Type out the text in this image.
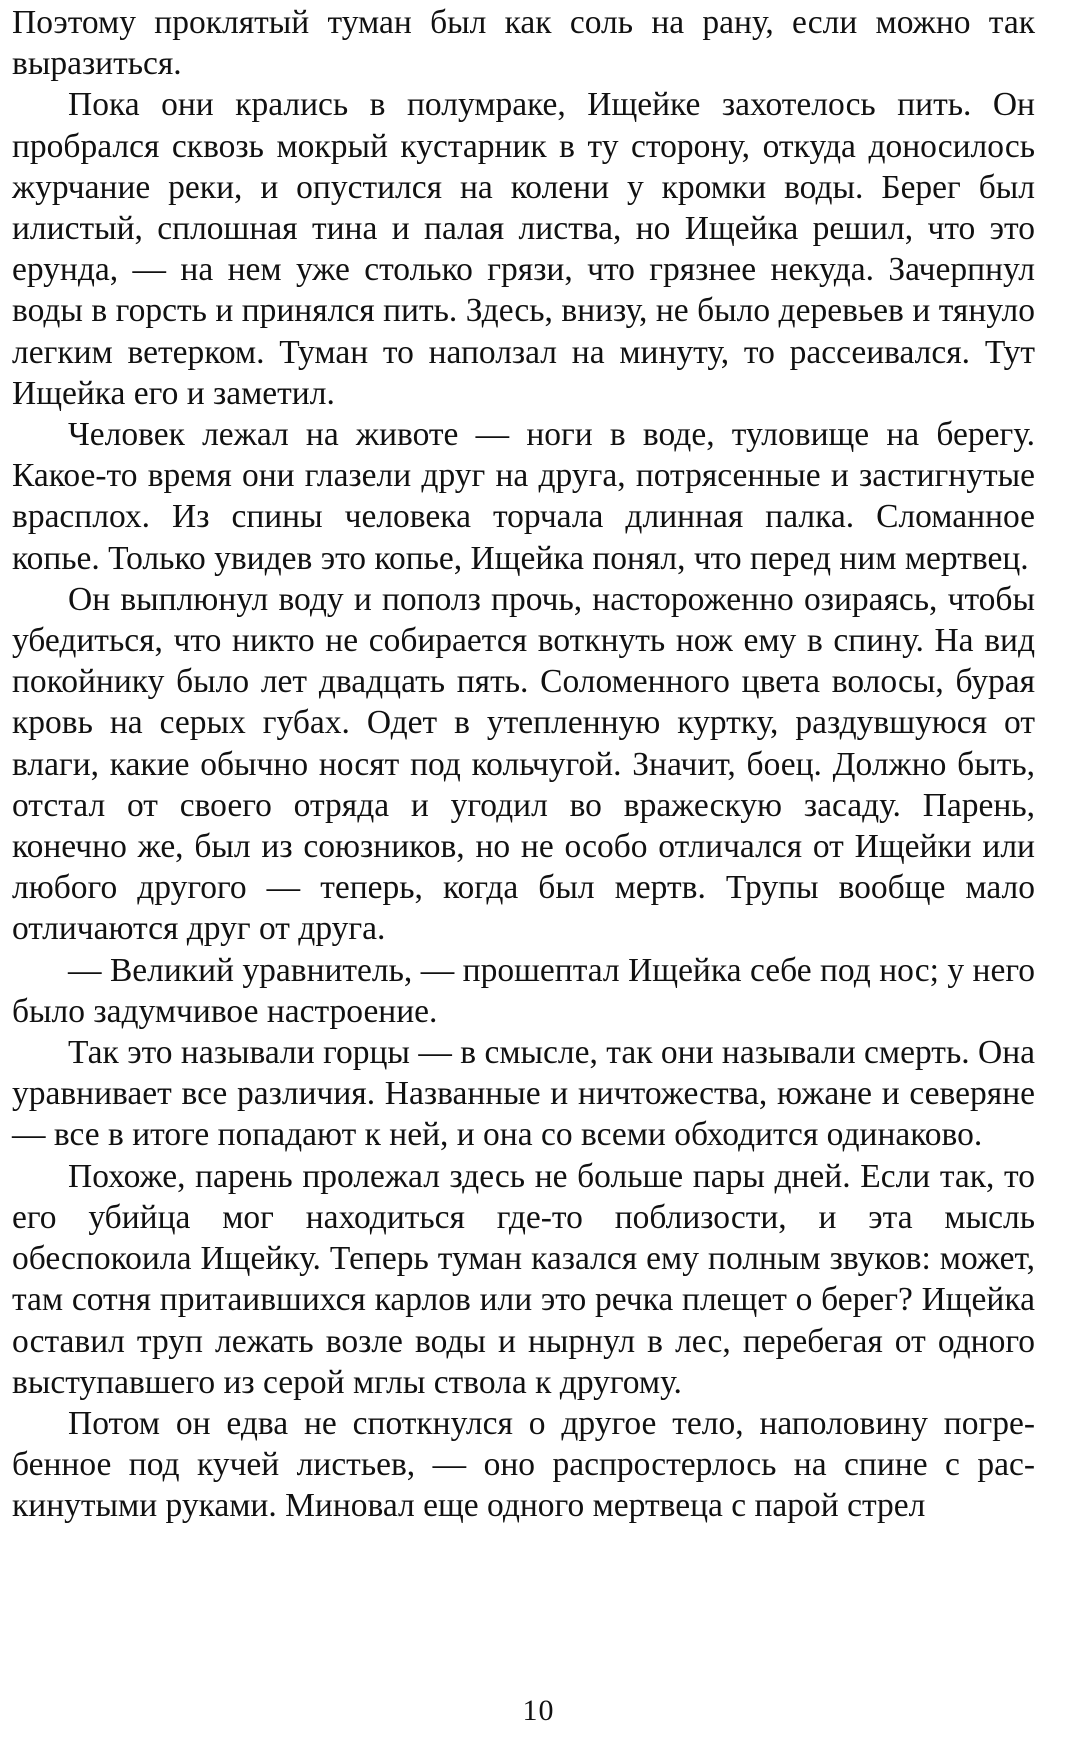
Поэтому проклятый туман был как соль на рану, если можно так выразиться.

Пока они крались в полумраке, Ищейке захотелось пить. Он пробрался сквозь мокрый кустарник в ту сторону, откуда доносилось журчание реки, и опустился на колени у кромки воды. Берег был илистый, сплошная тина и палая листва, но Ищейка решил, что это ерунда, — на нем уже столько грязи, что грязнее некуда. Зачерпнул воды в горсть и принялся пить. Здесь, внизу, не было деревьев и тянуло легким ветерком. Туман то наползал на минуту, то рассеивался. Тут Ищейка его и заметил.

Человек лежал на животе — ноги в воде, туловище на берегу. Какое-то время они глазели друг на друга, потрясенные и застигнутые врасплох. Из спины человека торчала длинная палка. Сломанное копье. Только увидев это копье, Ищейка понял, что перед ним мертвец.

Он выплюнул воду и пополз прочь, настороженно озираясь, чтобы убедиться, что никто не собирается воткнуть нож ему в спину. На вид покойнику было лет двадцать пять. Соломенного цвета волосы, бурая кровь на серых губах. Одет в утепленную куртку, раздувшуюся от влаги, какие обычно носят под кольчугой. Значит, боец. Должно быть, отстал от своего отряда и угодил во вражескую засаду. Парень, конечно же, был из союзников, но не особо отличался от Ищейки или любого другого — теперь, когда был мертв. Трупы вообще мало отличаются друг от друга.

— Великий уравнитель, — прошептал Ищейка себе под нос; у него было задумчивое настроение.

Так это называли горцы — в смысле, так они называли смерть. Она уравнивает все различия. Названные и ничтожества, южане и северяне — все в итоге попадают к ней, и она со всеми обходится одинаково.

Похоже, парень пролежал здесь не больше пары дней. Если так, то его убийца мог находиться где-то поблизости, и эта мысль обеспокоила Ищейку. Теперь туман казался ему полным звуков: может, там сотня притаившихся карлов или это речка плещет о берег? Ищейка оставил труп лежать возле воды и нырнул в лес, перебегая от одного выступавшего из серой мглы ствола к другому.

Потом он едва не споткнулся о другое тело, наполовину погребенное под кучей листьев, — оно распростерлось на спине с раскинутыми руками. Миновал еще одного мертвеца с парой стрел

10
